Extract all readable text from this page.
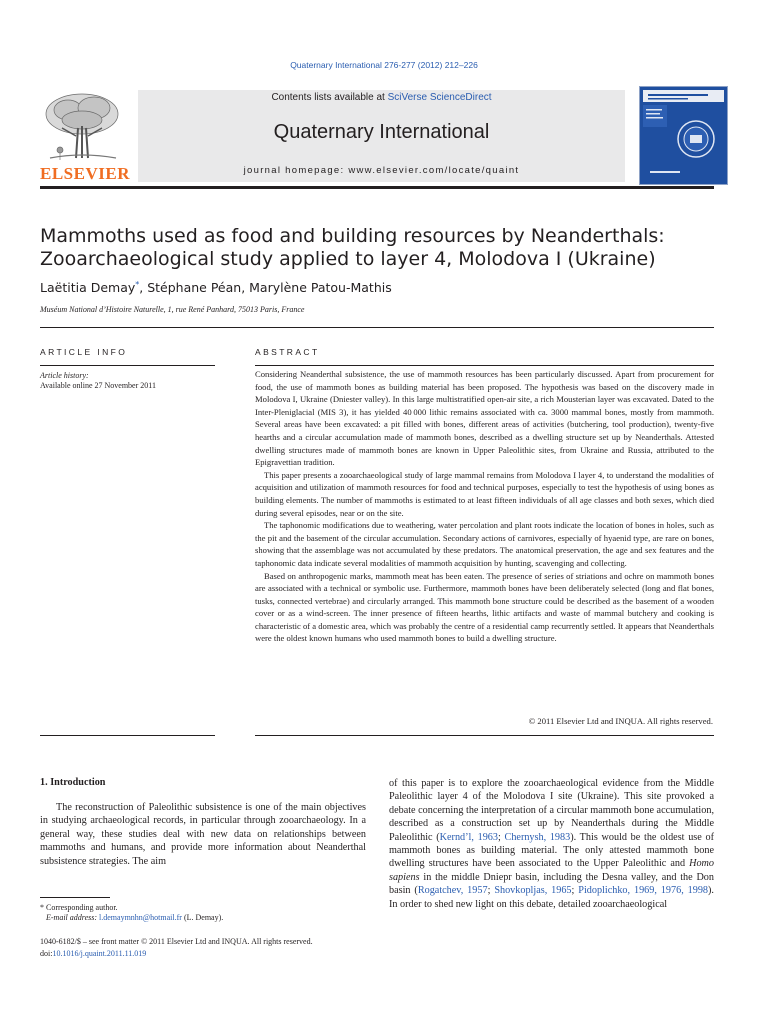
Quaternary International 276-277 (2012) 212–226
ELSEVIER
Contents lists available at SciVerse ScienceDirect
Quaternary International
journal homepage: www.elsevier.com/locate/quaint
Mammoths used as food and building resources by Neanderthals: Zooarchaeological study applied to layer 4, Molodova I (Ukraine)
Laëtitia Demay*, Stéphane Péan, Marylène Patou-Mathis
Muséum National d’Histoire Naturelle, 1, rue René Panhard, 75013 Paris, France
ARTICLE INFO
Article history:
Available online 27 November 2011
ABSTRACT

Considering Neanderthal subsistence, the use of mammoth resources has been particularly discussed. Apart from procurement for food, the use of mammoth bones as building material has been proposed. The hypothesis was based on the discovery made in Molodova I, Ukraine (Dniester valley). In this large multistratified open-air site, a rich Mousterian layer was excavated. Dated to the Inter-Pleniglacial (MIS 3), it has yielded 40 000 lithic remains associated with ca. 3000 mammal bones, mostly from mammoth. Several areas have been excavated: a pit filled with bones, different areas of activities (butchering, tool production), twenty-five hearths and a circular accumulation made of mammoth bones, described as a dwelling structure set up by Neanderthals. Attested dwelling structures made of mammoth bones are known in Upper Paleolithic sites, from Ukraine and Russia, attributed to the Epigravettian tradition.

This paper presents a zooarchaeological study of large mammal remains from Molodova I layer 4, to understand the modalities of acquisition and utilization of mammoth resources for food and technical purposes, especially to test the hypothesis of using bones as building elements. The number of mammoths is estimated to at least fifteen individuals of all age classes and both sexes, which died during several episodes, near or on the site.

The taphonomic modifications due to weathering, water percolation and plant roots indicate the location of bones in holes, such as the pit and the basement of the circular accumulation. Secondary actions of carnivores, especially of hyaenid type, are rare on bones, showing that the assemblage was not accumulated by these predators. The anatomical preservation, the age and sex features and the taphonomic data indicate several modalities of mammoth acquisition by hunting, scavenging and collecting.

Based on anthropogenic marks, mammoth meat has been eaten. The presence of series of striations and ochre on mammoth bones are associated with a technical or symbolic use. Furthermore, mammoth bones have been deliberately selected (long and flat bones, tusks, connected vertebrae) and circularly arranged. This mammoth bone structure could be described as the basement of a wooden cover or as a wind-screen. The inner presence of fifteen hearths, lithic artifacts and waste of mammal butchery and cooking is characteristic of a domestic area, which was probably the centre of a residential camp recurrently settled. It appears that Neanderthals were the oldest known humans who used mammoth bones to build a dwelling structure.

© 2011 Elsevier Ltd and INQUA. All rights reserved.
1. Introduction
The reconstruction of Paleolithic subsistence is one of the main objectives in studying archaeological records, in particular through zooarchaeology. In a general way, these studies deal with new data on relationships between mammoths and humans, and provide more information about Neanderthal subsistence strategies. The aim
* Corresponding author.
E-mail address: l.demaymnhn@hotmail.fr (L. Demay).
1040-6182/$ – see front matter © 2011 Elsevier Ltd and INQUA. All rights reserved.
doi:10.1016/j.quaint.2011.11.019
of this paper is to explore the zooarchaeological evidence from the Middle Paleolithic layer 4 of the Molodova I site (Ukraine). This site provoked a debate concerning the interpretation of a circular mammoth bone accumulation, described as a construction set up by Neanderthals during the Middle Paleolithic (Kernd’l, 1963; Chernysh, 1983). This would be the oldest use of mammoth bones as building material. The only attested mammoth bone dwelling structures have been associated to the Upper Paleolithic and Homo sapiens in the middle Dniepr basin, including the Desna valley, and the Don basin (Rogatchev, 1957; Shovkopljas, 1965; Pidoplichko, 1969, 1976, 1998). In order to shed new light on this debate, detailed zooarchaeological
